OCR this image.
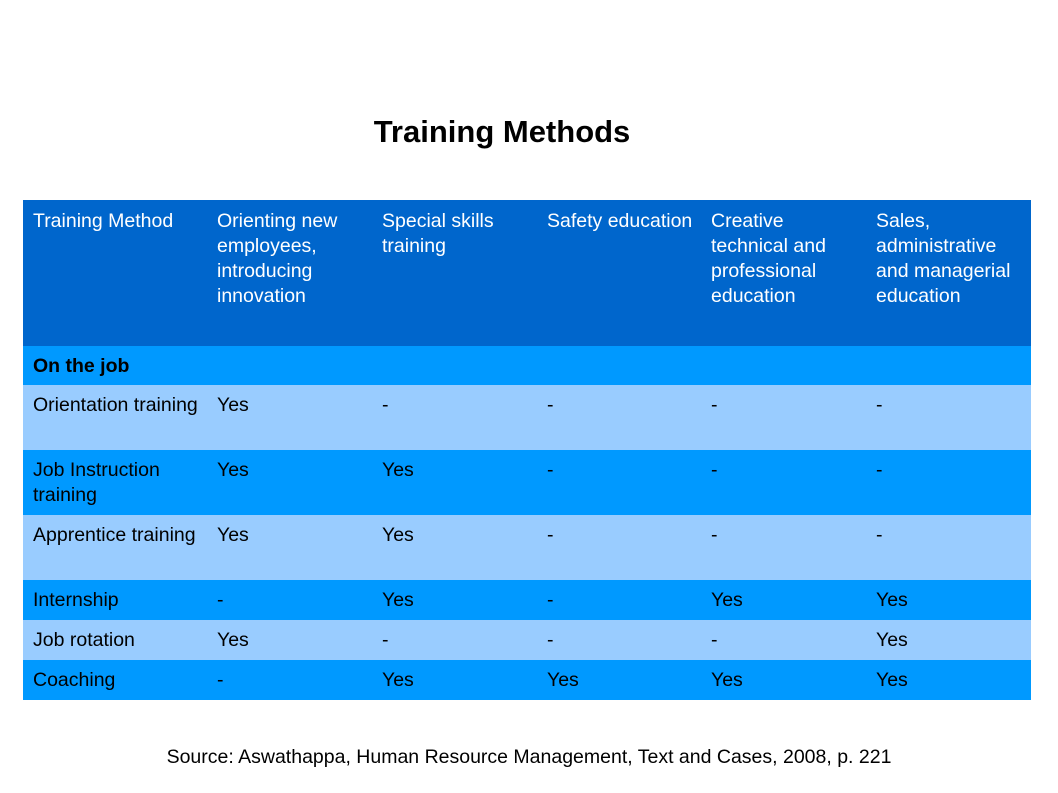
Training Methods
Training Method	Orienting new employees, introducing innovation	Special skills training	Safety education	Creative technical and professional education	Sales, administrative and managerial education
On the job					
Orientation training	Yes	-	-	-	-
Job Instruction training	Yes	Yes	-	-	-
Apprentice training	Yes	Yes	-	-	-
Internship	-	Yes	-	Yes	Yes
Job rotation	Yes	-	-	-	Yes
Coaching	-	Yes	Yes	Yes	Yes
Source: Aswathappa, Human Resource Management, Text and Cases, 2008, p. 221
